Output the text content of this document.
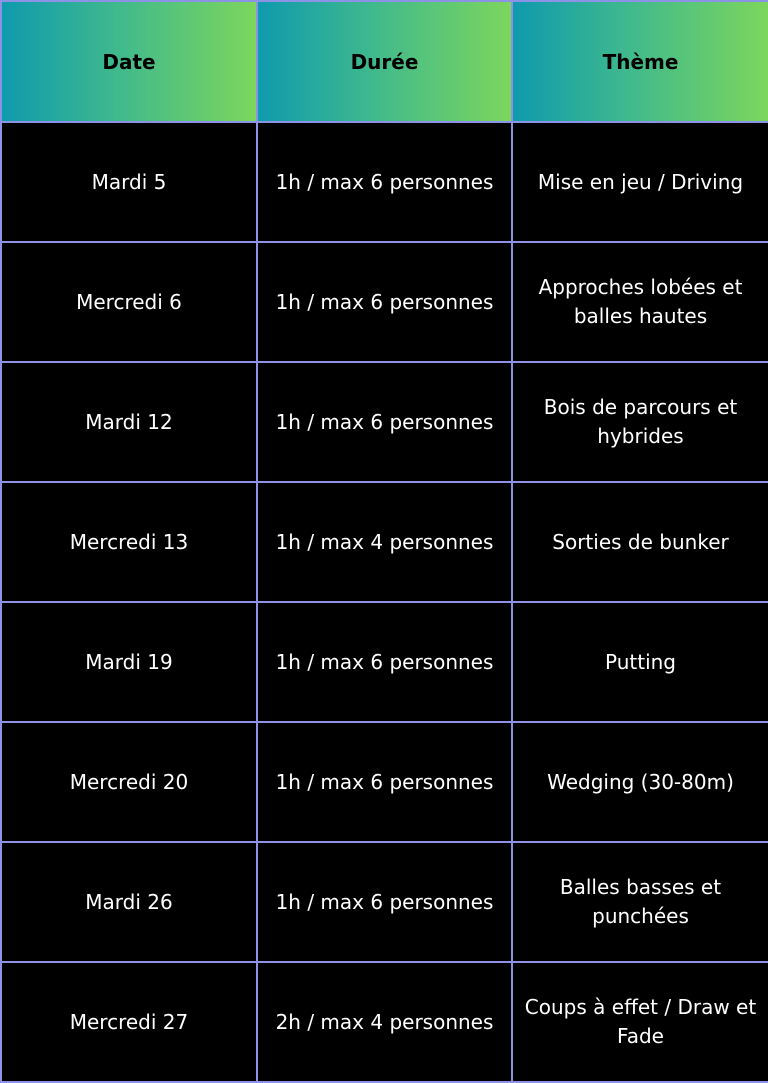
Date	Durée	Thème
Mardi 5	1h / max 6 personnes	Mise en jeu / Driving
Mercredi 6	1h / max 6 personnes	Approches lobées et balles hautes
Mardi 12	1h / max 6 personnes	Bois de parcours et hybrides
Mercredi 13	1h / max 4 personnes	Sorties de bunker
Mardi 19	1h / max 6 personnes	Putting
Mercredi 20	1h / max 6 personnes	Wedging (30-80m)
Mardi 26	1h / max 6 personnes	Balles basses et punchées
Mercredi 27	2h / max 4 personnes	Coups à effet / Draw et Fade
